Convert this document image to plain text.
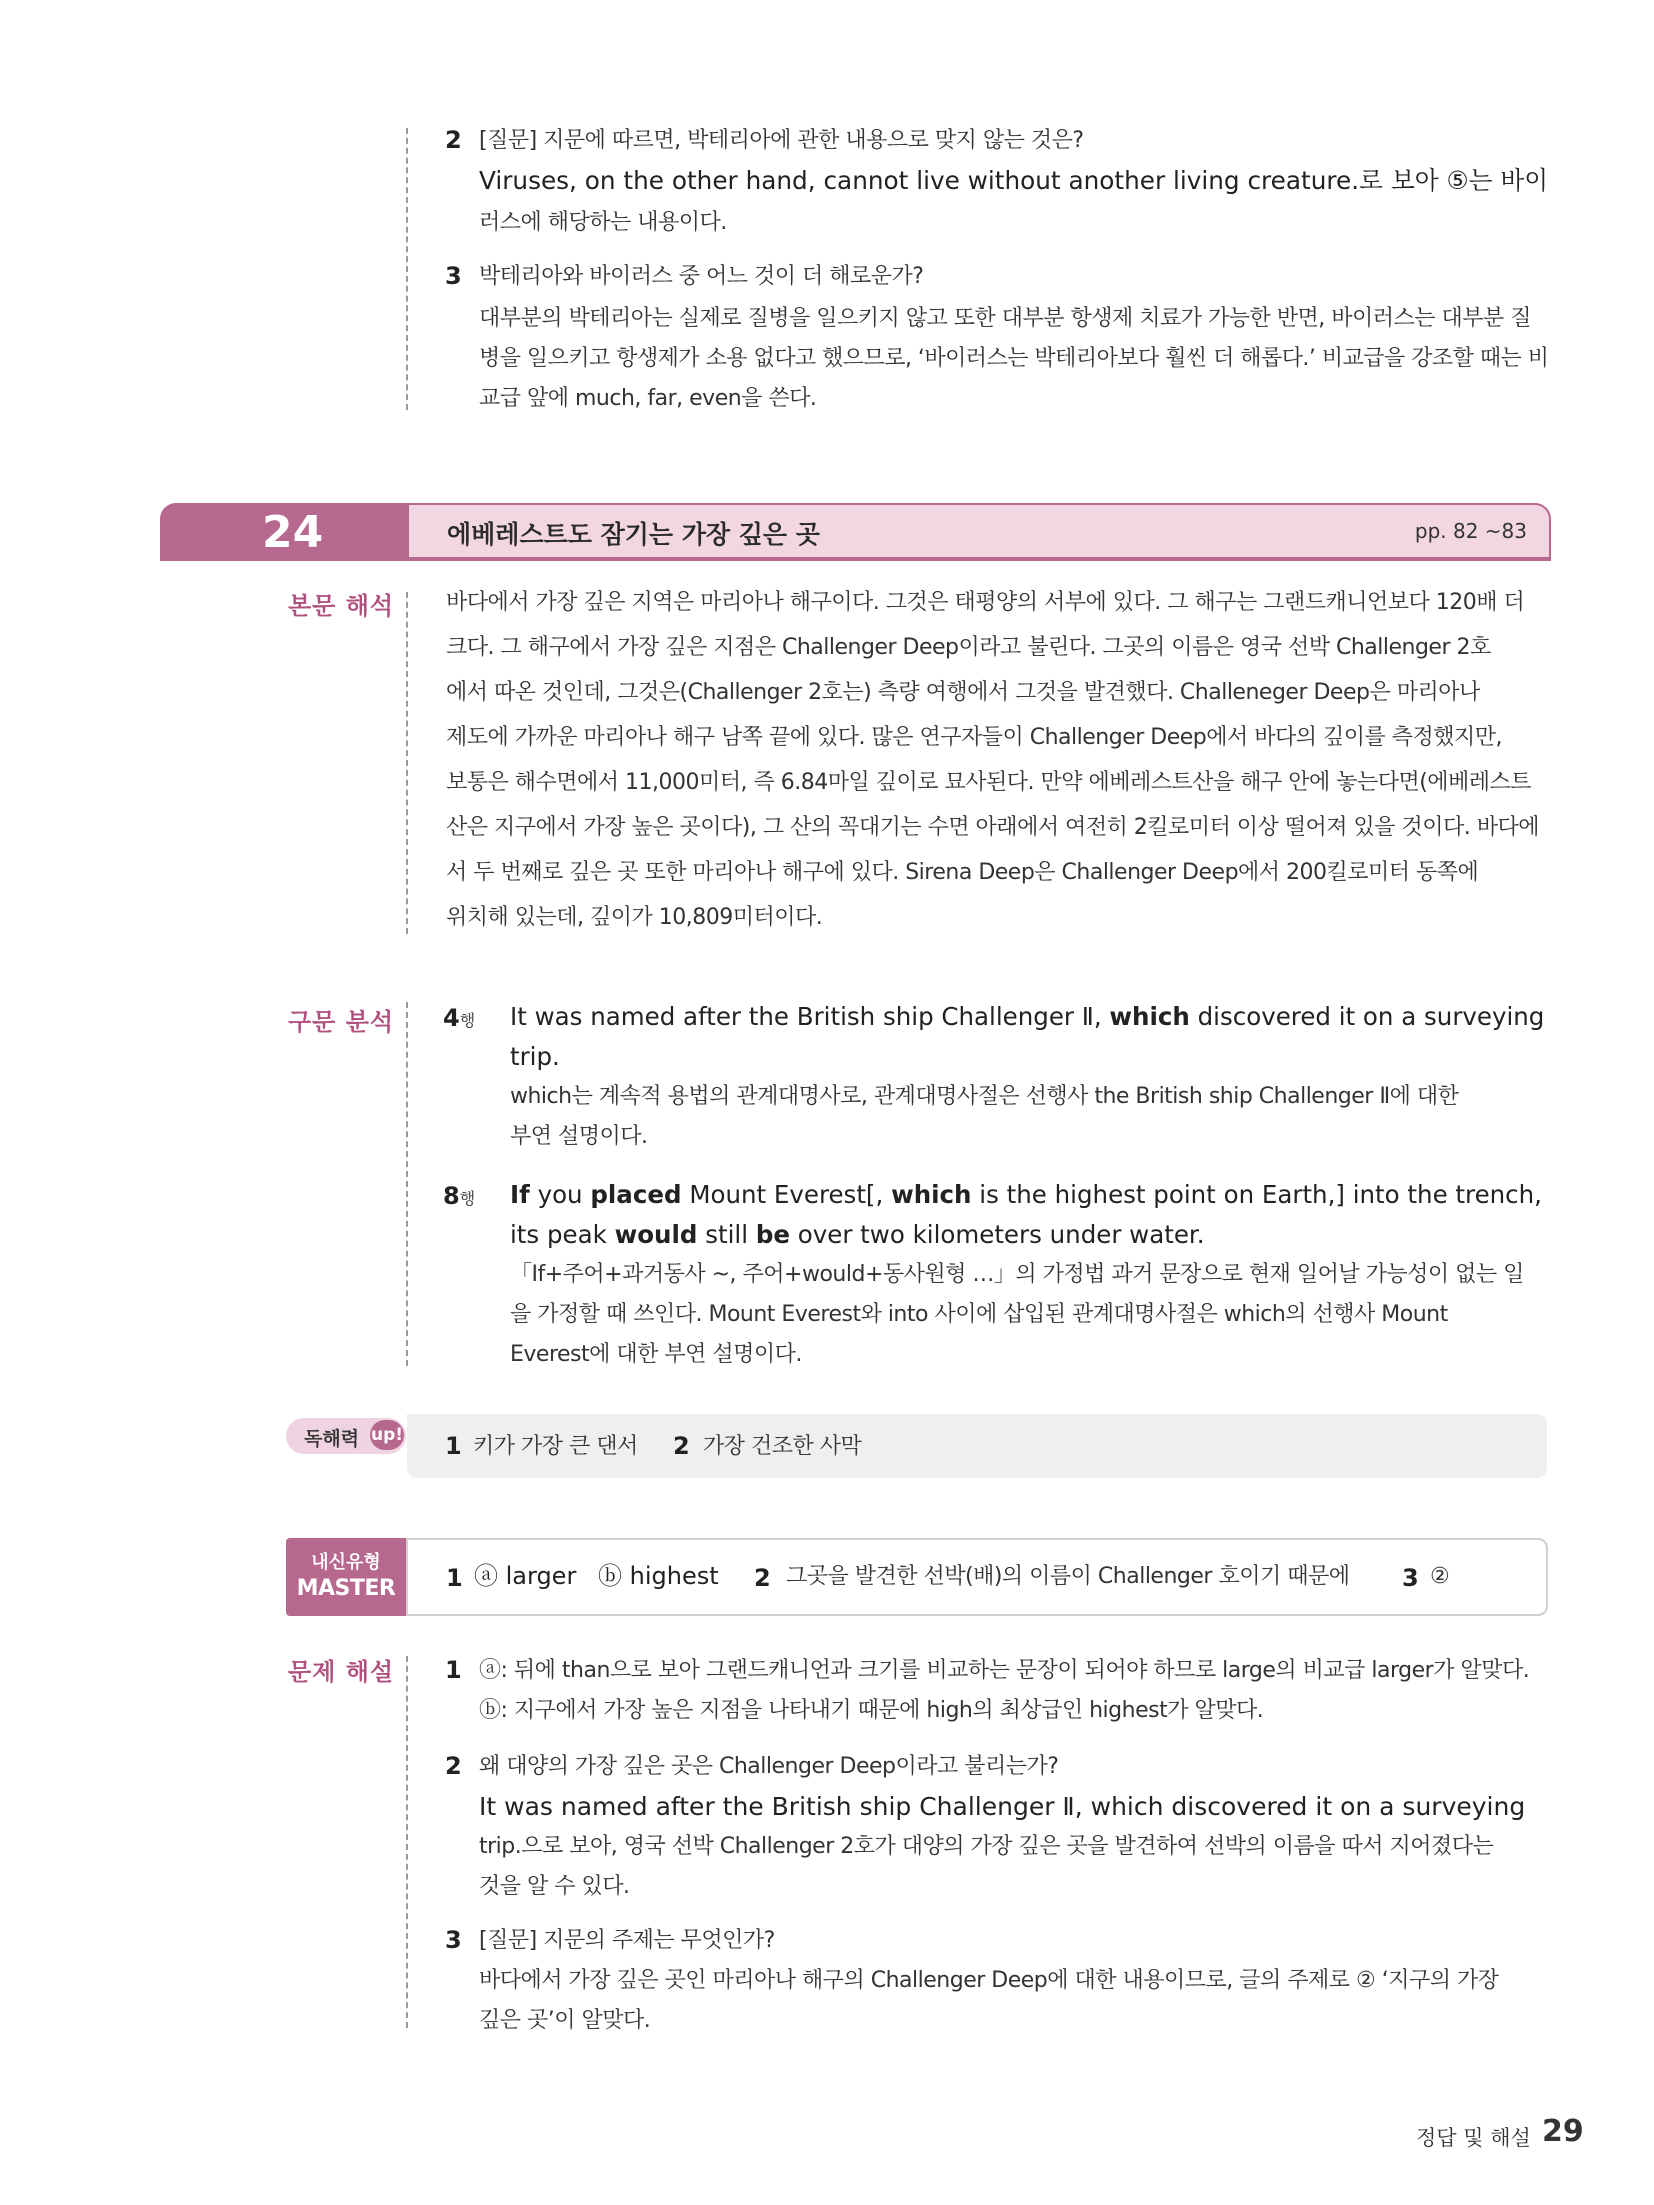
2 [질문] 지문에 따르면, 박테리아에 관한 내용으로 맞지 않는 것은?
Viruses, on the other hand, cannot live without another living creature.로 보아 ⑤는 바이
러스에 해당하는 내용이다.
3 박테리아와 바이러스 중 어느 것이 더 해로운가?
대부분의 박테리아는 실제로 질병을 일으키지 않고 또한 대부분 항생제 치료가 가능한 반면, 바이러스는 대부분 질
병을 일으키고 항생제가 소용 없다고 했으므로, ‘바이러스는 박테리아보다 훨씬 더 해롭다.’ 비교급을 강조할 때는 비
교급 앞에 much, far, even을 쓴다.
24	에베레스트도 잠기는 가장 깊은 곳	pp. 82 ~83
본문 해석 바다에서 가장 깊은 지역은 마리아나 해구이다. 그것은 태평양의 서부에 있다. 그 해구는 그랜드캐니언보다 120배 더
크다. 그 해구에서 가장 깊은 지점은 Challenger Deep이라고 불린다. 그곳의 이름은 영국 선박 Challenger 2호
에서 따온 것인데, 그것은(Challenger 2호는) 측량 여행에서 그것을 발견했다. Challeneger Deep은 마리아나
제도에 가까운 마리아나 해구 남쪽 끝에 있다. 많은 연구자들이 Challenger Deep에서 바다의 깊이를 측정했지만,
보통은 해수면에서 11,000미터, 즉 6.84마일 깊이로 묘사된다. 만약 에베레스트산을 해구 안에 놓는다면(에베레스트
산은 지구에서 가장 높은 곳이다), 그 산의 꼭대기는 수면 아래에서 여전히 2킬로미터 이상 떨어져 있을 것이다. 바다에
서 두 번째로 깊은 곳 또한 마리아나 해구에 있다. Sirena Deep은 Challenger Deep에서 200킬로미터 동쪽에
위치해 있는데, 깊이가 10,809미터이다.
구문 분석 4행 It was named after the British ship Challenger Ⅱ, which discovered it on a surveying
trip.
which는 계속적 용법의 관계대명사로, 관계대명사절은 선행사 the British ship Challenger Ⅱ에 대한
부연 설명이다.
8행 If you placed Mount Everest[, which is the highest point on Earth,] into the trench,
its peak would still be over two kilometers under water.
「If+주어+과거동사 ~, 주어+would+동사원형 …」의 가정법 과거 문장으로 현재 일어날 가능성이 없는 일
을 가정할 때 쓰인다. Mount Everest와 into 사이에 삽입된 관계대명사절은 which의 선행사 Mount
Everest에 대한 부연 설명이다.
독해력 up! 1 키가 가장 큰 댄서 2 가장 건조한 사막
내신유형
MASTER	1 ⓐ larger ⓑ highest 2 그곳을 발견한 선박(배)의 이름이 Challenger 호이기 때문에 3 ②
문제 해설 1 ⓐ: 뒤에 than으로 보아 그랜드캐니언과 크기를 비교하는 문장이 되어야 하므로 large의 비교급 larger가 알맞다.
ⓑ: 지구에서 가장 높은 지점을 나타내기 때문에 high의 최상급인 highest가 알맞다.
2 왜 대양의 가장 깊은 곳은 Challenger Deep이라고 불리는가?
It was named after the British ship Challenger Ⅱ, which discovered it on a surveying
trip.으로 보아, 영국 선박 Challenger 2호가 대양의 가장 깊은 곳을 발견하여 선박의 이름을 따서 지어졌다는
것을 알 수 있다.
3 [질문] 지문의 주제는 무엇인가?
바다에서 가장 깊은 곳인 마리아나 해구의 Challenger Deep에 대한 내용이므로, 글의 주제로 ② ‘지구의 가장
깊은 곳’이 알맞다.
정답 및 해설 29
